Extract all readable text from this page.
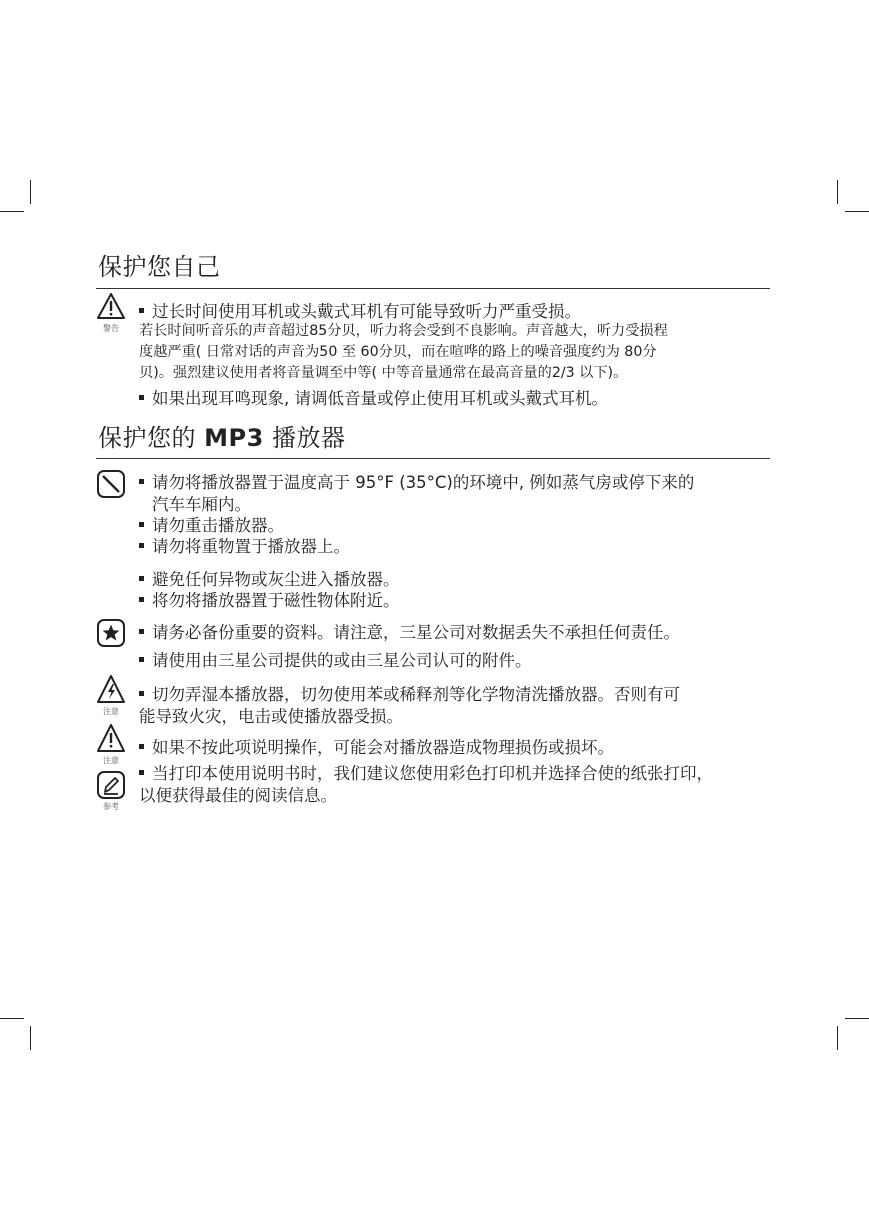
保护您自己
警告

过长时间使用耳机或头戴式耳机有可能导致听力严重受损。

若长时间听音乐的声音超过85分贝，听力将会受到不良影响。声音越大，听力受损程

度越严重( 日常对话的声音为50 至 60分贝，而在喧哗的路上的噪音强度约为 80分

贝)。强烈建议使用者将音量调至中等( 中等音量通常在最高音量的2/3 以下)。

如果出现耳鸣现象, 请调低音量或停止使用耳机或头戴式耳机。

保护您的 MP3 播放器

请勿将播放器置于温度高于 95°F (35°C)的环境中, 例如蒸气房或停下来的

汽车车厢内。

请勿重击播放器。

请勿将重物置于播放器上。

避免任何异物或灰尘进入播放器。

将勿将播放器置于磁性物体附近。

请务必备份重要的资料。请注意，三星公司对数据丢失不承担任何责任。

请使用由三星公司提供的或由三星公司认可的附件。

注意

切勿弄湿本播放器，切勿使用苯或稀释剂等化学物清洗播放器。否则有可

能导致火灾，电击或使播放器受损。

注意

如果不按此项说明操作，可能会对播放器造成物理损伤或损坏。

参考

当打印本使用说明书时，我们建议您使用彩色打印机并选择合使的纸张打印，

以便获得最佳的阅读信息。
